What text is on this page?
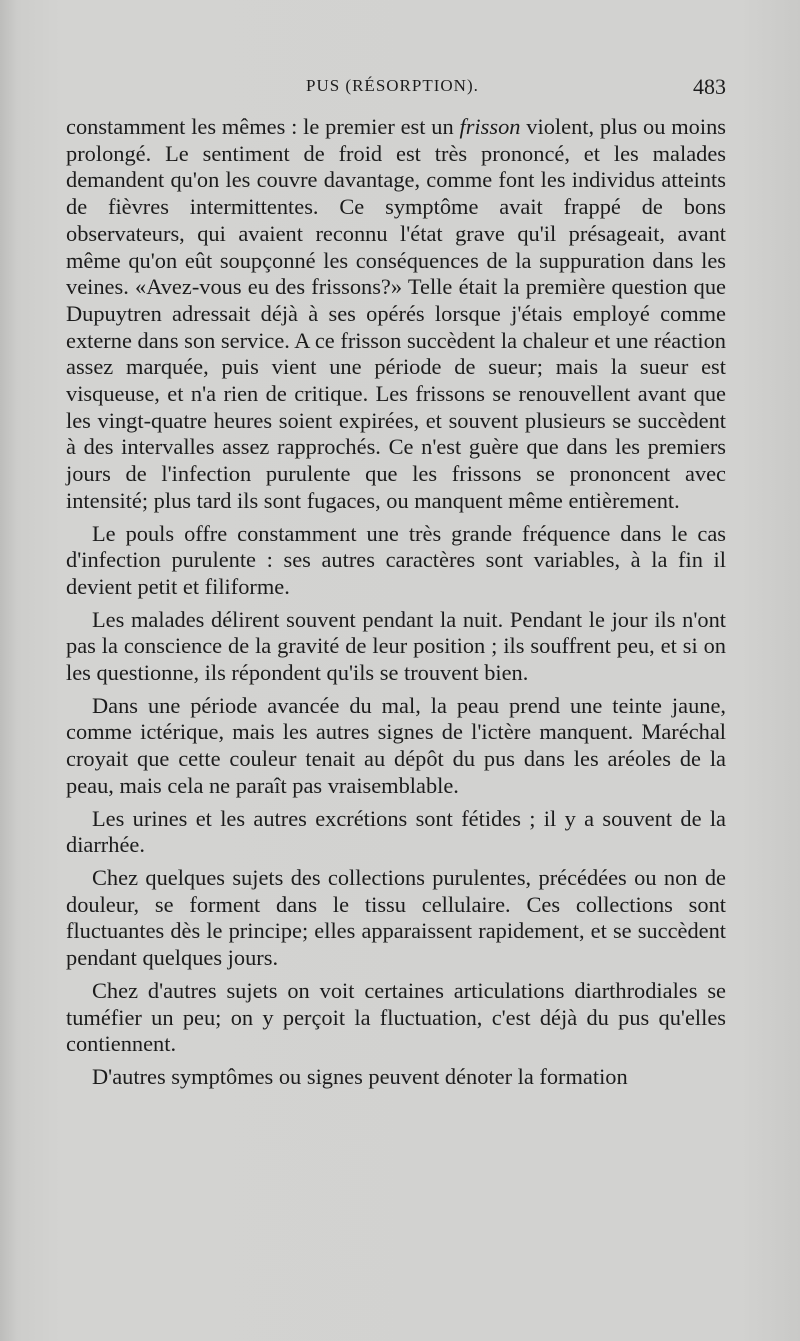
PUS (RÉSORPTION).	483

constamment les mêmes : le premier est un frisson violent, plus ou moins prolongé. Le sentiment de froid est très prononcé, et les malades demandent qu'on les couvre davantage, comme font les individus atteints de fièvres intermittentes. Ce symptôme avait frappé de bons observateurs, qui avaient reconnu l'état grave qu'il présageait, avant même qu'on eût soupçonné les conséquences de la suppuration dans les veines. «Avez-vous eu des frissons?» Telle était la première question que Dupuytren adressait déjà à ses opérés lorsque j'étais employé comme externe dans son service. A ce frisson succèdent la chaleur et une réaction assez marquée, puis vient une période de sueur; mais la sueur est visqueuse, et n'a rien de critique. Les frissons se renouvellent avant que les vingt-quatre heures soient expirées, et souvent plusieurs se succèdent à des intervalles assez rapprochés. Ce n'est guère que dans les premiers jours de l'infection purulente que les frissons se prononcent avec intensité; plus tard ils sont fugaces, ou manquent même entièrement.

Le pouls offre constamment une très grande fréquence dans le cas d'infection purulente : ses autres caractères sont variables, à la fin il devient petit et filiforme.

Les malades délirent souvent pendant la nuit. Pendant le jour ils n'ont pas la conscience de la gravité de leur position ; ils souffrent peu, et si on les questionne, ils répondent qu'ils se trouvent bien.

Dans une période avancée du mal, la peau prend une teinte jaune, comme ictérique, mais les autres signes de l'ictère manquent. Maréchal croyait que cette couleur tenait au dépôt du pus dans les aréoles de la peau, mais cela ne paraît pas vraisemblable.

Les urines et les autres excrétions sont fétides ; il y a souvent de la diarrhée.

Chez quelques sujets des collections purulentes, précédées ou non de douleur, se forment dans le tissu cellulaire. Ces collections sont fluctuantes dès le principe; elles apparaissent rapidement, et se succèdent pendant quelques jours.

Chez d'autres sujets on voit certaines articulations diarthrodiales se tuméfier un peu; on y perçoit la fluctuation, c'est déjà du pus qu'elles contiennent.

D'autres symptômes ou signes peuvent dénoter la formation
